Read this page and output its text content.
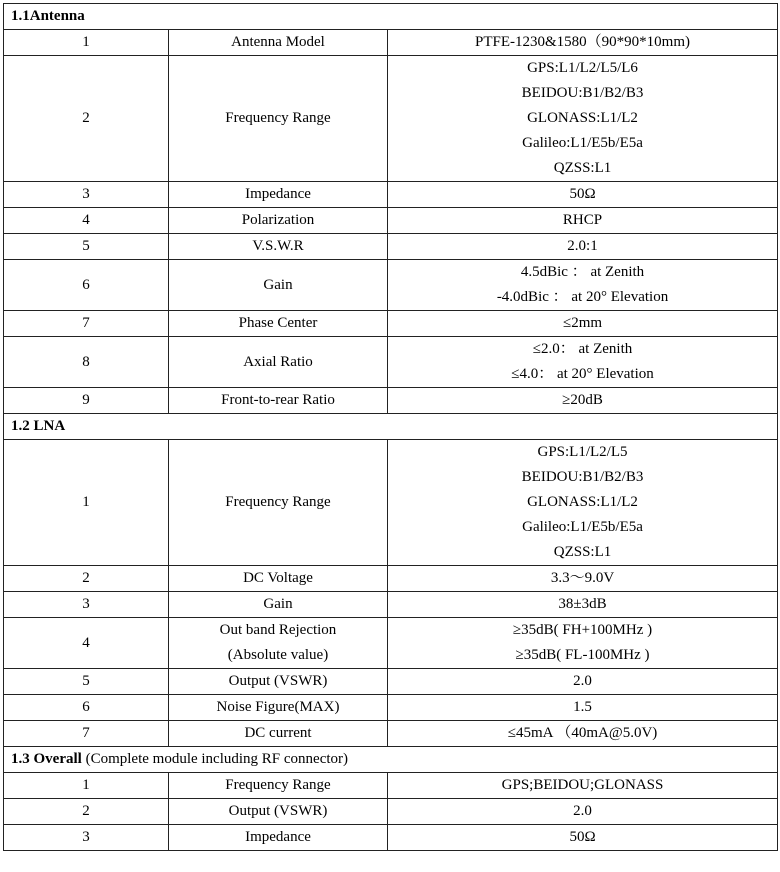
1.1Antenna		
1	Antenna Model	PTFE-1230&1580（90*90*10mm)

2	Frequency Range	GPS:L1/L2/L5/L6
BEIDOU:B1/B2/B3
GLONASS:L1/L2
Galileo:L1/E5b/E5a
QZSS:L1

3	Impedance	50Ω

4	Polarization	RHCP

5	V.S.W.R	2.0:1

6	Gain	4.5dBic ： at Zenith
-4.0dBic ： at 20° Elevation

7	Phase Center	≤2mm

8	Axial Ratio	≤2.0： at Zenith
≤4.0： at 20° Elevation

9	Front-to-rear Ratio	≥20dB

1.2 LNA		
1	Frequency Range	GPS:L1/L2/L5
BEIDOU:B1/B2/B3
GLONASS:L1/L2
Galileo:L1/E5b/E5a
QZSS:L1

2	DC Voltage	3.3～9.0V

3	Gain	38±3dB

4	Out band Rejection
(Absolute value)	≥35dB( FH+100MHz )
≥35dB( FL-100MHz )

5	Output (VSWR)	2.0

6	Noise Figure(MAX)	1.5

7	DC current	≤45mA （40mA@5.0V)

1.3 Overall (Complete module including RF connector)		
1	Frequency Range	GPS;BEIDOU;GLONASS

2	Output (VSWR)	2.0

3	Impedance	50Ω
